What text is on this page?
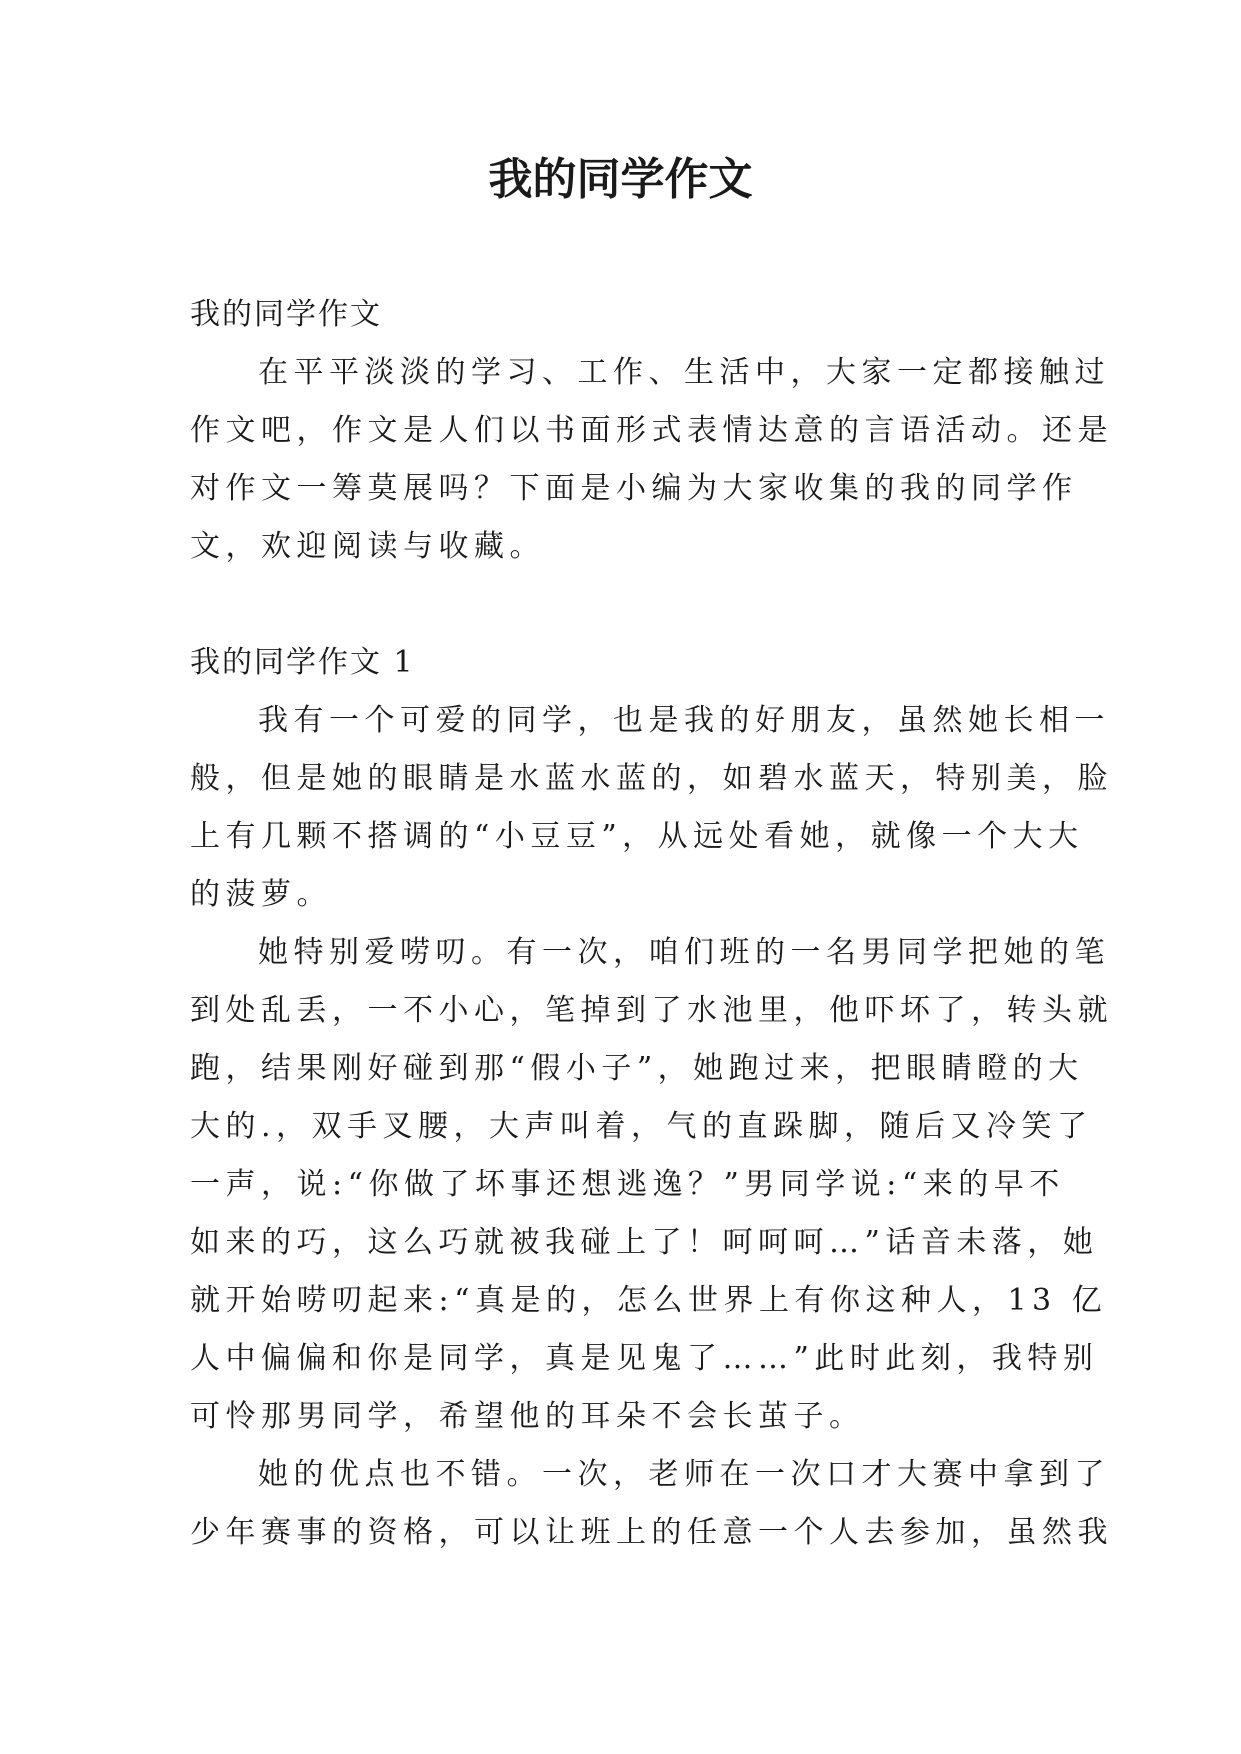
我的同学作文
我的同学作文
在平平淡淡的学习、工作、生活中，大家一定都接触过
作文吧，作文是人们以书面形式表情达意的言语活动。还是
对作文一筹莫展吗？下面是小编为大家收集的我的同学作
文，欢迎阅读与收藏。
我的同学作文 1
我有一个可爱的同学，也是我的好朋友，虽然她长相一
般，但是她的眼睛是水蓝水蓝的，如碧水蓝天，特别美，脸
上有几颗不搭调的“小豆豆”，从远处看她，就像一个大大
的菠萝。
她特别爱唠叨。有一次，咱们班的一名男同学把她的笔
到处乱丢，一不小心，笔掉到了水池里，他吓坏了，转头就
跑，结果刚好碰到那“假小子”，她跑过来，把眼睛瞪的大
大的.，双手叉腰，大声叫着，气的直跺脚，随后又冷笑了
一声，说:“你做了坏事还想逃逸？”男同学说:“来的早不
如来的巧，这么巧就被我碰上了！呵呵呵…”话音未落，她
就开始唠叨起来:“真是的，怎么世界上有你这种人，13 亿
人中偏偏和你是同学，真是见鬼了……”此时此刻，我特别
可怜那男同学，希望他的耳朵不会长茧子。
她的优点也不错。一次，老师在一次口才大赛中拿到了
少年赛事的资格，可以让班上的任意一个人去参加，虽然我
